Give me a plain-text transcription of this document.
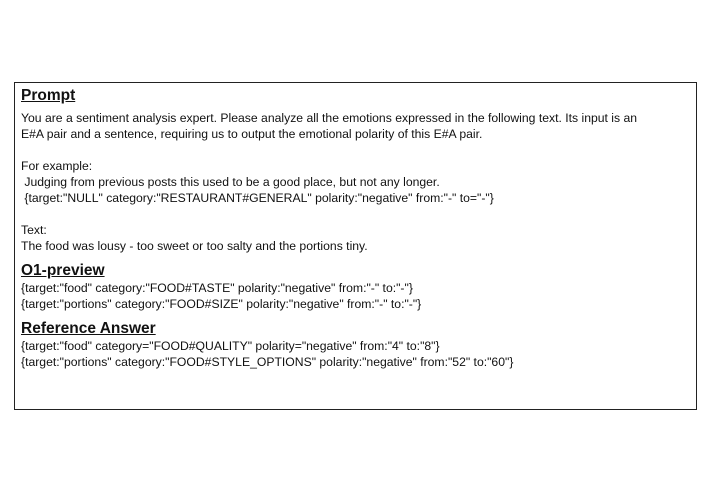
Prompt
You are a sentiment analysis expert. Please analyze all the emotions expressed in the following text. Its input is an
E#A pair and a sentence, requiring us to output the emotional polarity of this E#A pair.
For example:
Judging from previous posts this used to be a good place, but not any longer.
{target:"NULL" category:"RESTAURANT#GENERAL" polarity:"negative" from:"-" to="-"}
Text:
The food was lousy - too sweet or too salty and the portions tiny.
O1-preview
{target:"food" category:"FOOD#TASTE" polarity:"negative" from:"-" to:"-"}
{target:"portions" category:"FOOD#SIZE" polarity:"negative" from:"-" to:"-"}
Reference Answer
{target:"food" category="FOOD#QUALITY" polarity="negative" from:"4" to:"8"}
{target:"portions" category:"FOOD#STYLE_OPTIONS" polarity:"negative" from:"52" to:"60"}
